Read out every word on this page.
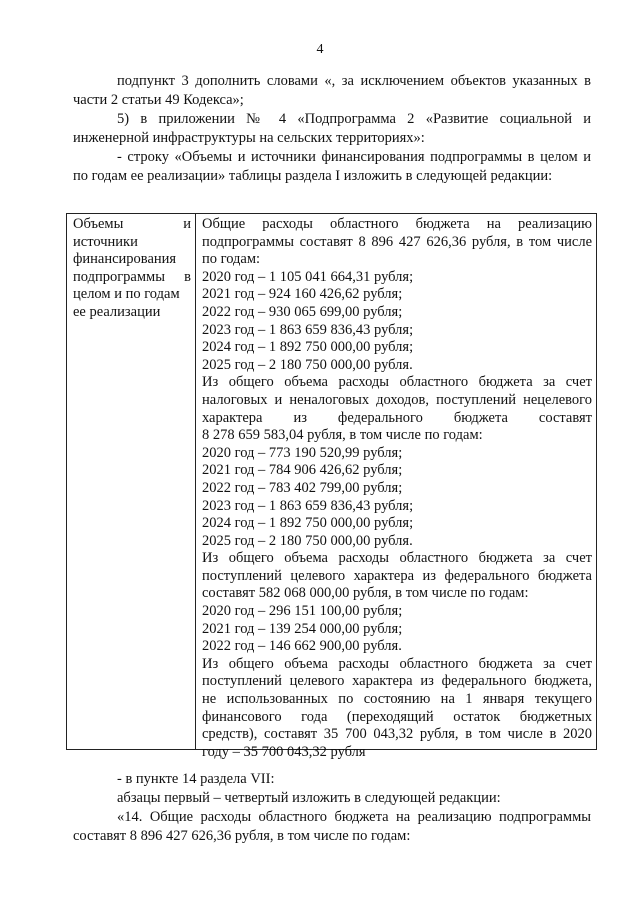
4

подпункт 3 дополнить словами «, за исключением объектов указанных в

части 2 статьи 49 Кодекса»;

5) в приложении № 4 «Подпрограмма 2 «Развитие социальной и

инженерной инфраструктуры на сельских территориях»:

- строку «Объемы и источники финансирования подпрограммы в целом и

по годам ее реализации» таблицы раздела I изложить в следующей редакции:

Объемы и
источники
финансирования
подпрограммы в
целом и по годам
ее реализации
Общие расходы областного бюджета на реализацию
подпрограммы составят 8 896 427 626,36 рубля, в том числе
по годам:
2020 год – 1 105 041 664,31 рубля;
2021 год – 924 160 426,62 рубля;
2022 год – 930 065 699,00 рубля;
2023 год – 1 863 659 836,43 рубля;
2024 год – 1 892 750 000,00 рубля;
2025 год – 2 180 750 000,00 рубля.
Из общего объема расходы областного бюджета за счет
налоговых и неналоговых доходов, поступлений нецелевого
характера из федерального бюджета составят
8 278 659 583,04 рубля, в том числе по годам:
2020 год – 773 190 520,99 рубля;
2021 год – 784 906 426,62 рубля;
2022 год – 783 402 799,00 рубля;
2023 год – 1 863 659 836,43 рубля;
2024 год – 1 892 750 000,00 рубля;
2025 год – 2 180 750 000,00 рубля.
Из общего объема расходы областного бюджета за счет
поступлений целевого характера из федерального бюджета
составят 582 068 000,00 рубля, в том числе по годам:
2020 год – 296 151 100,00 рубля;
2021 год – 139 254 000,00 рубля;
2022 год – 146 662 900,00 рубля.
Из общего объема расходы областного бюджета за счет
поступлений целевого характера из федерального бюджета,
не использованных по состоянию на 1 января текущего
финансового года (переходящий остаток бюджетных
средств), составят 35 700 043,32 рубля, в том числе в 2020
году – 35 700 043,32 рубля

- в пункте 14 раздела VII:

абзацы первый – четвертый изложить в следующей редакции:

«14. Общие расходы областного бюджета на реализацию подпрограммы

составят 8 896 427 626,36 рубля, в том числе по годам:
